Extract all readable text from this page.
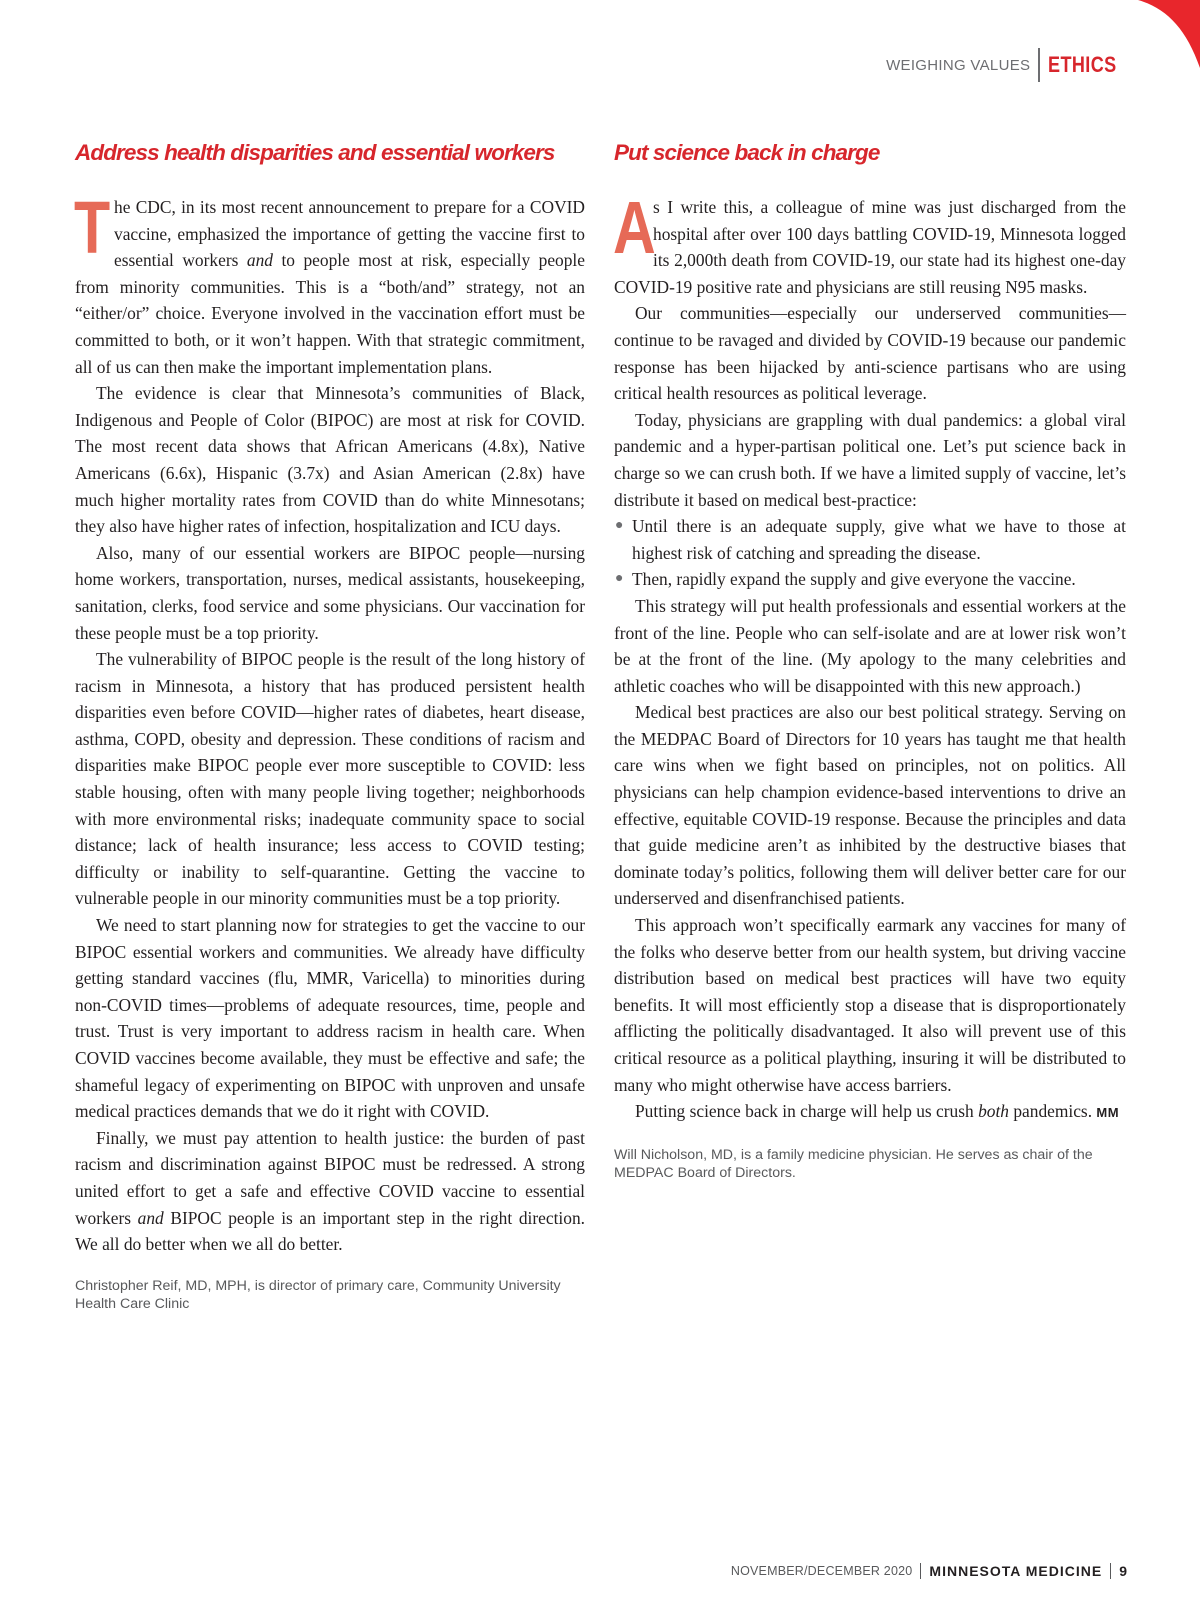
WEIGHING VALUES ETHICS
Address health disparities and essential workers

The CDC, in its most recent announcement to prepare for a COVID vaccine, emphasized the importance of getting the vaccine first to essential workers and to people most at risk, especially people from minority communities. This is a “both/and” strategy, not an “either/or” choice. Everyone involved in the vaccination effort must be committed to both, or it won’t happen. With that strategic commitment, all of us can then make the important implementation plans.

The evidence is clear that Minnesota’s communities of Black, Indigenous and People of Color (BIPOC) are most at risk for COVID. The most recent data shows that African Americans (4.8x), Native Americans (6.6x), Hispanic (3.7x) and Asian American (2.8x) have much higher mortality rates from COVID than do white Minnesotans; they also have higher rates of infection, hospitalization and ICU days.

Also, many of our essential workers are BIPOC people—nursing home workers, transportation, nurses, medical assistants, housekeeping, sanitation, clerks, food service and some physicians. Our vaccination for these people must be a top priority.

The vulnerability of BIPOC people is the result of the long history of racism in Minnesota, a history that has produced persistent health disparities even before COVID—higher rates of diabetes, heart disease, asthma, COPD, obesity and depression. These conditions of racism and disparities make BIPOC people ever more susceptible to COVID: less stable housing, often with many people living together; neighborhoods with more environmental risks; inadequate community space to social distance; lack of health insurance; less access to COVID testing; difficulty or inability to self-quarantine. Getting the vaccine to vulnerable people in our minority communities must be a top priority.

We need to start planning now for strategies to get the vaccine to our BIPOC essential workers and communities. We already have difficulty getting standard vaccines (flu, MMR, Varicella) to minorities during non-COVID times—problems of adequate resources, time, people and trust. Trust is very important to address racism in health care. When COVID vaccines become available, they must be effective and safe; the shameful legacy of experimenting on BIPOC with unproven and unsafe medical practices demands that we do it right with COVID.

Finally, we must pay attention to health justice: the burden of past racism and discrimination against BIPOC must be redressed. A strong united effort to get a safe and effective COVID vaccine to essential workers and BIPOC people is an important step in the right direction. We all do better when we all do better.

Christopher Reif, MD, MPH, is director of primary care, Community University Health Care Clinic
Put science back in charge

A
s I write this, a colleague of mine was just discharged from the hospital after over 100 days battling COVID-19, Minnesota logged its 2,000th death from COVID-19, our state had its highest one-day COVID-19 positive rate and physicians are still reusing N95 masks.

Our communities—especially our underserved communities—continue to be ravaged and divided by COVID-19 because our pandemic response has been hijacked by anti-science partisans who are using critical health resources as political leverage.

Today, physicians are grappling with dual pandemics: a global viral pandemic and a hyper-partisan political one. Let’s put science back in charge so we can crush both. If we have a limited supply of vaccine, let’s distribute it based on medical best-practice:

● Until there is an adequate supply, give what we have to those at highest risk of catching and spreading the disease.
● Then, rapidly expand the supply and give everyone the vaccine.

This strategy will put health professionals and essential workers at the front of the line. People who can self-isolate and are at lower risk won’t be at the front of the line. (My apology to the many celebrities and athletic coaches who will be disappointed with this new approach.)

Medical best practices are also our best political strategy. Serving on the MEDPAC Board of Directors for 10 years has taught me that health care wins when we fight based on principles, not on politics. All physicians can help champion evidence-based interventions to drive an effective, equitable COVID-19 response. Because the principles and data that guide medicine aren’t as inhibited by the destructive biases that dominate today’s politics, following them will deliver better care for our underserved and disenfranchised patients.

This approach won’t specifically earmark any vaccines for many of the folks who deserve better from our health system, but driving vaccine distribution based on medical best practices will have two equity benefits. It will most efficiently stop a disease that is disproportionately afflicting the politically disadvantaged. It also will prevent use of this critical resource as a political plaything, insuring it will be distributed to many who might otherwise have access barriers.

Putting science back in charge will help us crush both pandemics. MM

Will Nicholson, MD, is a family medicine physician. He serves as chair of the MEDPAC Board of Directors.
NOVEMBER/DECEMBER 2020 MINNESOTA MEDICINE 9
